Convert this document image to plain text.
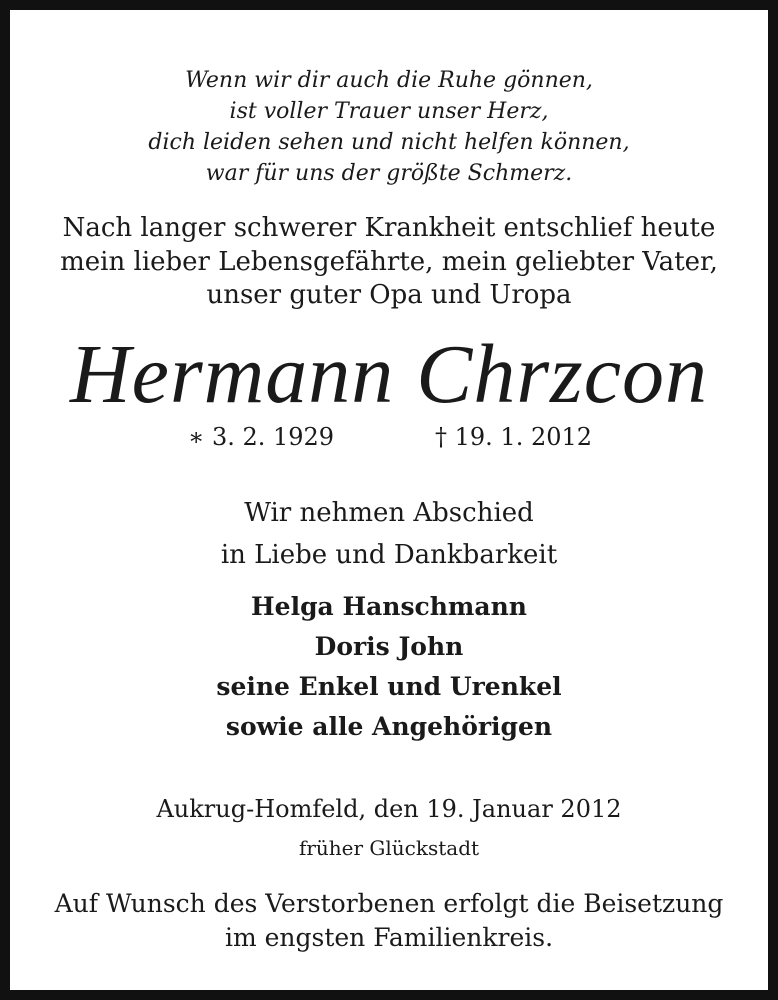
Wenn wir dir auch die Ruhe gönnen,
ist voller Trauer unser Herz,
dich leiden sehen und nicht helfen können,
war für uns der größte Schmerz.
Nach langer schwerer Krankheit entschlief heute
mein lieber Lebensgefährte, mein geliebter Vater,
unser guter Opa und Uropa
Hermann Chrzcon
∗ 3. 2. 1929	† 19. 1. 2012
Wir nehmen Abschied
in Liebe und Dankbarkeit
Helga Hanschmann
Doris John
seine Enkel und Urenkel
sowie alle Angehörigen
Aukrug-Homfeld, den 19. Januar 2012
früher Glückstadt
Auf Wunsch des Verstorbenen erfolgt die Beisetzung
im engsten Familienkreis.
